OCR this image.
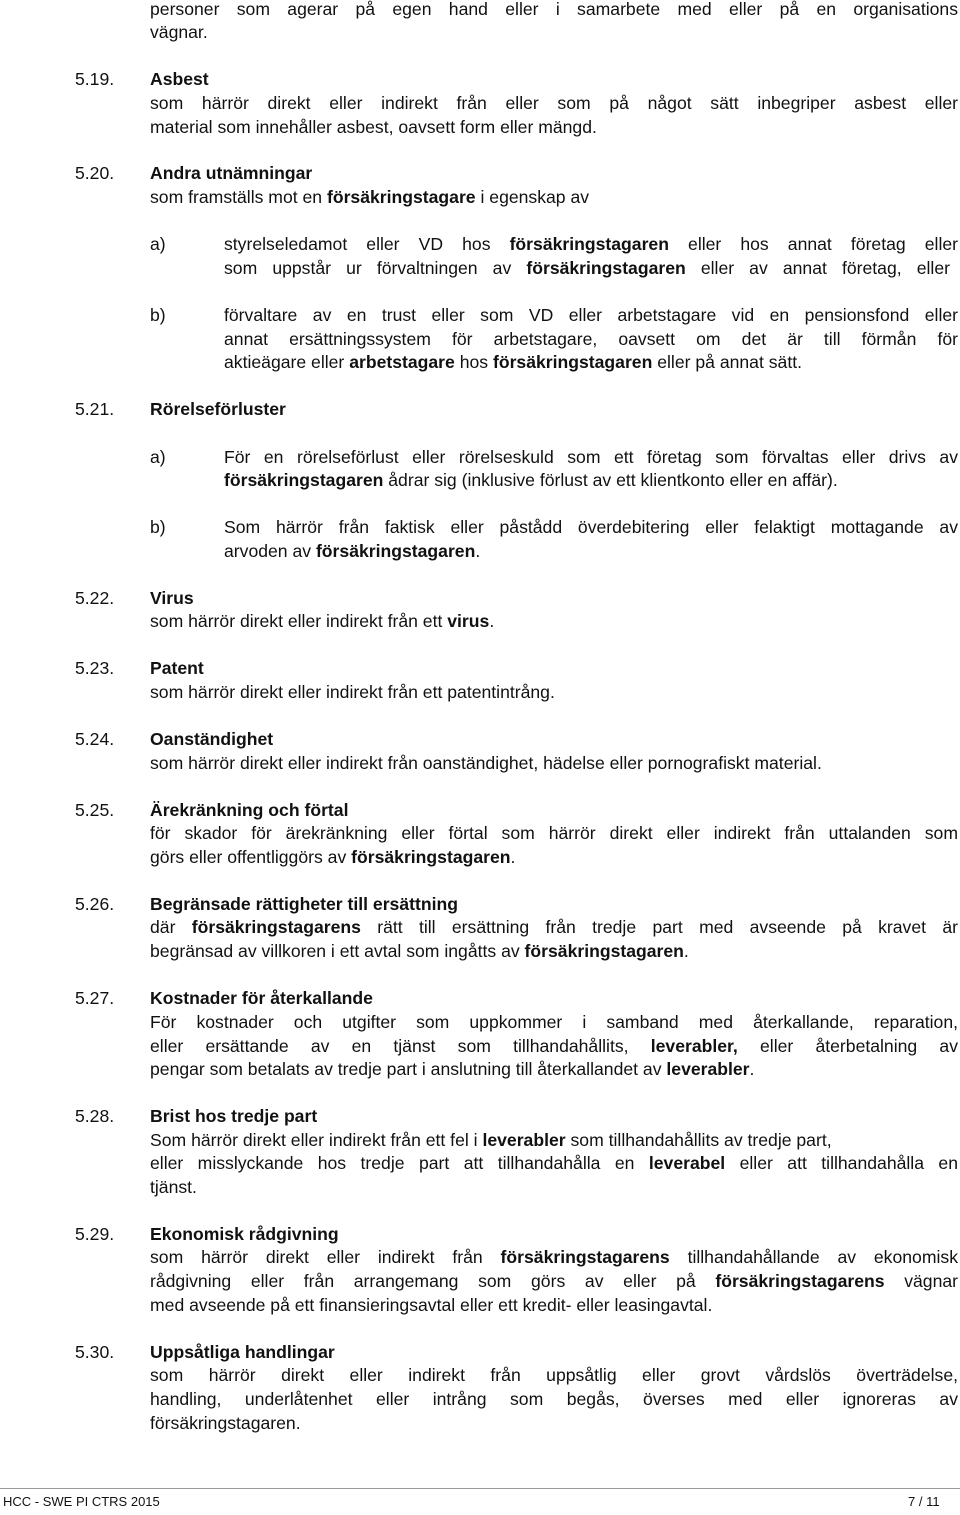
personer som agerar på egen hand eller i samarbete med eller på en organisations
vägnar.
5.19. Asbest
som härrör direkt eller indirekt från eller som på något sätt inbegriper asbest eller
material som innehåller asbest, oavsett form eller mängd.
5.20. Andra utnämningar
som framställs mot en försäkringstagare i egenskap av
a)	styrelseledamot eller VD hos försäkringstagaren eller hos annat företag eller
som uppstår ur förvaltningen av försäkringstagaren eller av annat företag, eller
b)	förvaltare av en trust eller som VD eller arbetstagare vid en pensionsfond eller
annat ersättningssystem för arbetstagare, oavsett om det är till förmån för
aktieägare eller arbetstagare hos försäkringstagaren eller på annat sätt.
5.21. Rörelseförluster
a)	För en rörelseförlust eller rörelseskuld som ett företag som förvaltas eller drivs av
försäkringstagaren ådrar sig (inklusive förlust av ett klientkonto eller en affär).
b)	Som härrör från faktisk eller påstådd överdebitering eller felaktigt mottagande av
arvoden av försäkringstagaren.
5.22. Virus
som härrör direkt eller indirekt från ett virus.
5.23. Patent
som härrör direkt eller indirekt från ett patentintrång.
5.24. Oanständighet
som härrör direkt eller indirekt från oanständighet, hädelse eller pornografiskt material.
5.25. Ärekränkning och förtal
för skador för ärekränkning eller förtal som härrör direkt eller indirekt från uttalanden som
görs eller offentliggörs av försäkringstagaren.
5.26. Begränsade rättigheter till ersättning
där försäkringstagarens rätt till ersättning från tredje part med avseende på kravet är
begränsad av villkoren i ett avtal som ingåtts av försäkringstagaren.
5.27. Kostnader för återkallande
För kostnader och utgifter som uppkommer i samband med återkallande, reparation,
eller ersättande av en tjänst som tillhandahållits, leverabler, eller återbetalning av
pengar som betalats av tredje part i anslutning till återkallandet av leverabler.
5.28. Brist hos tredje part
Som härrör direkt eller indirekt från ett fel i leverabler som tillhandahållits av tredje part,
eller misslyckande hos tredje part att tillhandahålla en leverabel eller att tillhandahålla en
tjänst.
5.29. Ekonomisk rådgivning
som härrör direkt eller indirekt från försäkringstagarens tillhandahållande av ekonomisk
rådgivning eller från arrangemang som görs av eller på försäkringstagarens vägnar
med avseende på ett finansieringsavtal eller ett kredit- eller leasingavtal.
5.30. Uppsåtliga handlingar
som härrör direkt eller indirekt från uppsåtlig eller grovt vårdslös överträdelse,
handling, underlåtenhet eller intrång som begås, överses med eller ignoreras av
försäkringstagaren.
HCC - SWE PI CTRS 2015	7 / 11
